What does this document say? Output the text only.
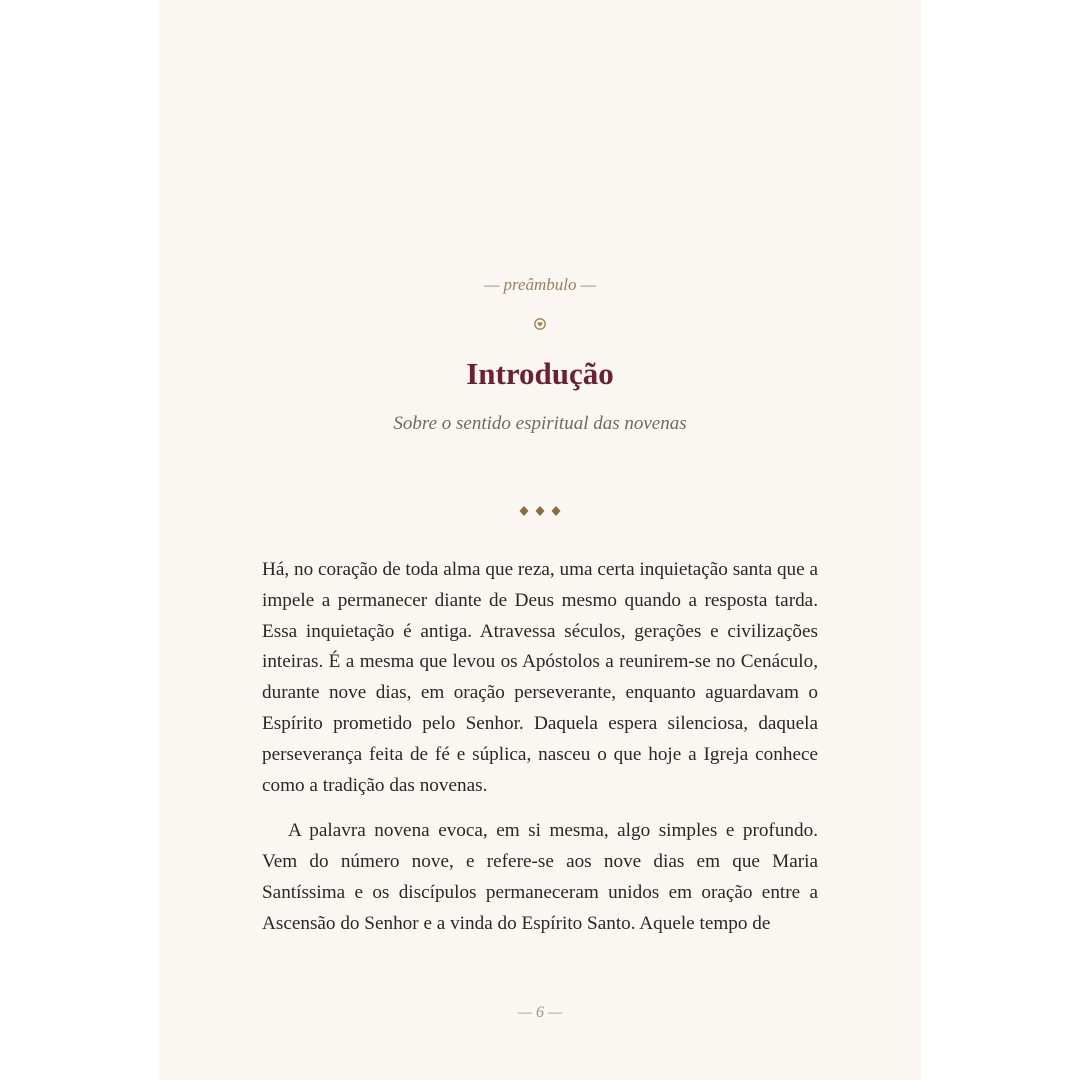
— preâmbulo —
Introdução
Sobre o sentido espiritual das novenas

Há, no coração de toda alma que reza, uma certa inquietação santa que a impele a permanecer diante de Deus mesmo quando a resposta tarda. Essa inquietação é antiga. Atravessa séculos, gerações e civilizações inteiras. É a mesma que levou os Apóstolos a reunirem-se no Cenáculo, durante nove dias, em oração perseverante, enquanto aguardavam o Espírito prometido pelo Senhor. Daquela espera silenciosa, daquela perseverança feita de fé e súplica, nasceu o que hoje a Igreja conhece como a tradição das novenas.

A palavra novena evoca, em si mesma, algo simples e profundo. Vem do número nove, e refere-se aos nove dias em que Maria Santíssima e os discípulos permaneceram unidos em oração entre a Ascensão do Senhor e a vinda do Espírito Santo. Aquele tempo de

— 6 —
